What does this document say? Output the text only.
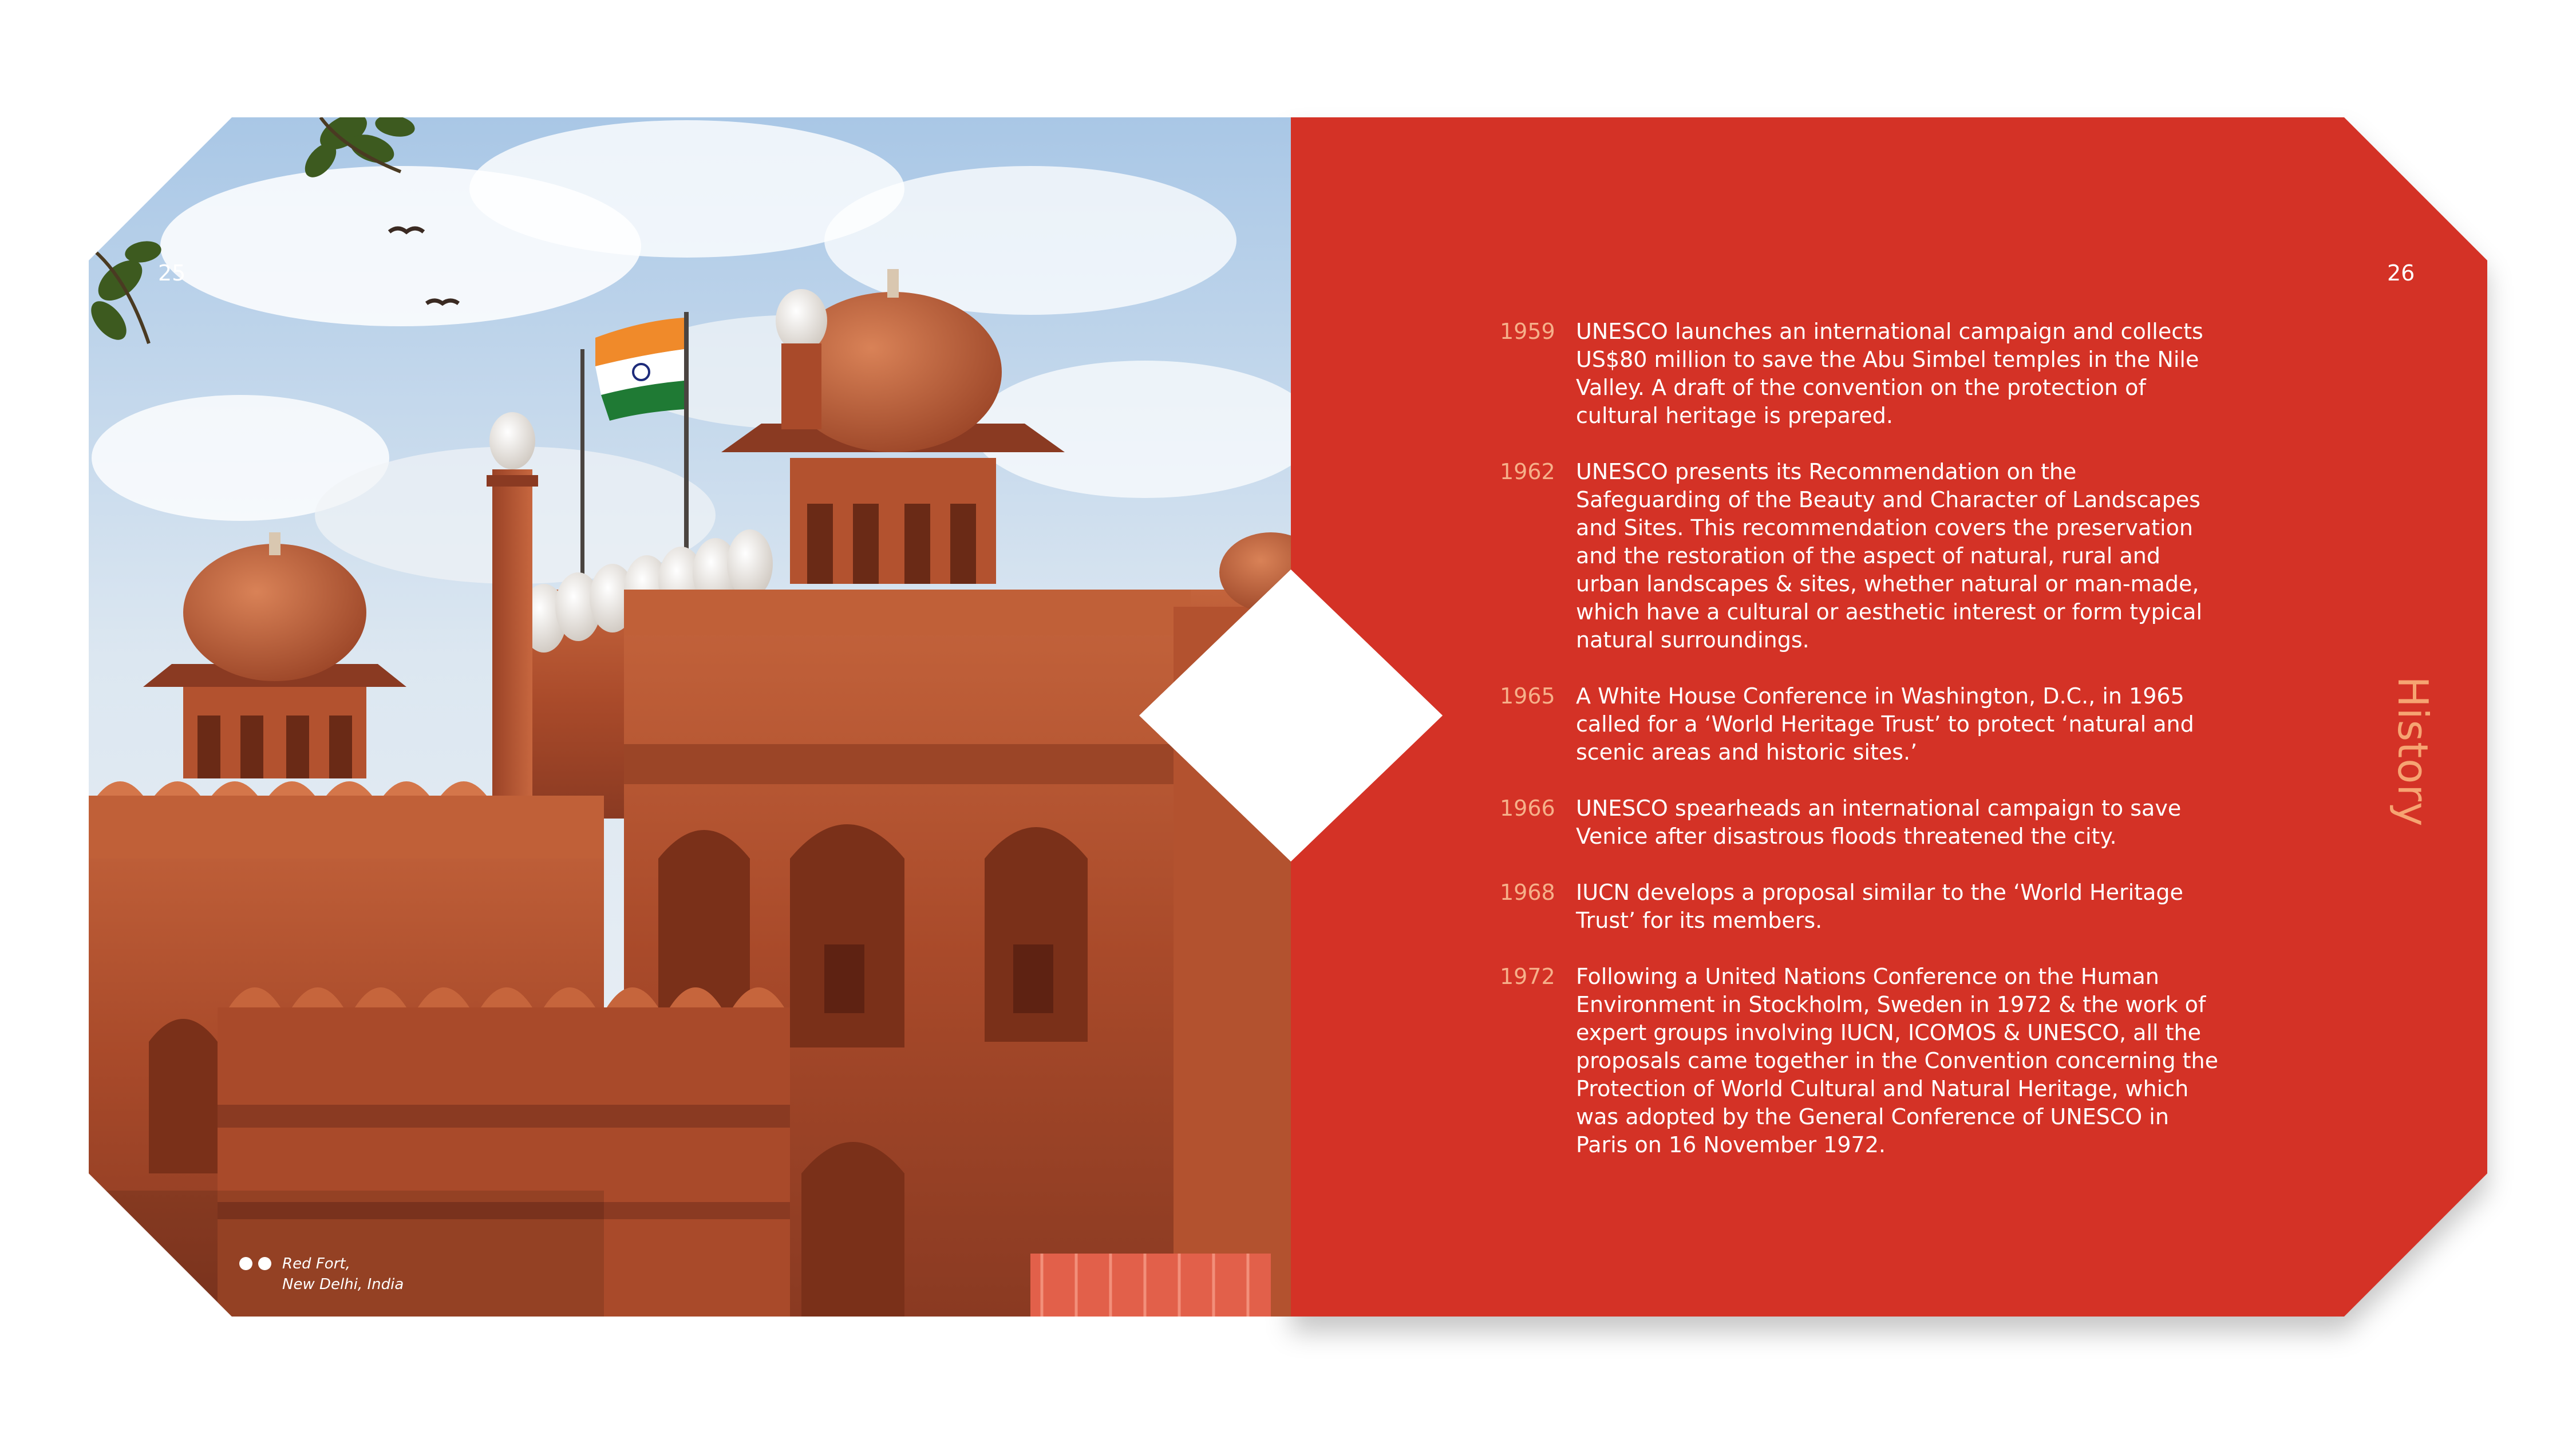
25	26
Red Fort,
New Delhi, India
1959 UNESCO launches an international campaign and collects US$80 million to save the Abu Simbel temples in the Nile Valley. A draft of the convention on the protection of cultural heritage is prepared.
1962 UNESCO presents its Recommendation on the Safeguarding of the Beauty and Character of Landscapes and Sites. This recommendation covers the preservation and the restoration of the aspect of natural, rural and urban landscapes & sites, whether natural or man-made, which have a cultural or aesthetic interest or form typical natural surroundings.
1965 A White House Conference in Washington, D.C., in 1965 called for a ‘World Heritage Trust’ to protect ‘natural and scenic areas and historic sites.’
1966 UNESCO spearheads an international campaign to save Venice after disastrous floods threatened the city.
1968 IUCN develops a proposal similar to the ‘World Heritage Trust’ for its members.
1972 Following a United Nations Conference on the Human Environment in Stockholm, Sweden in 1972 & the work of expert groups involving IUCN, ICOMOS & UNESCO, all the proposals came together in the Convention concerning the Protection of World Cultural and Natural Heritage, which was adopted by the General Conference of UNESCO in Paris on 16 November 1972.
History
